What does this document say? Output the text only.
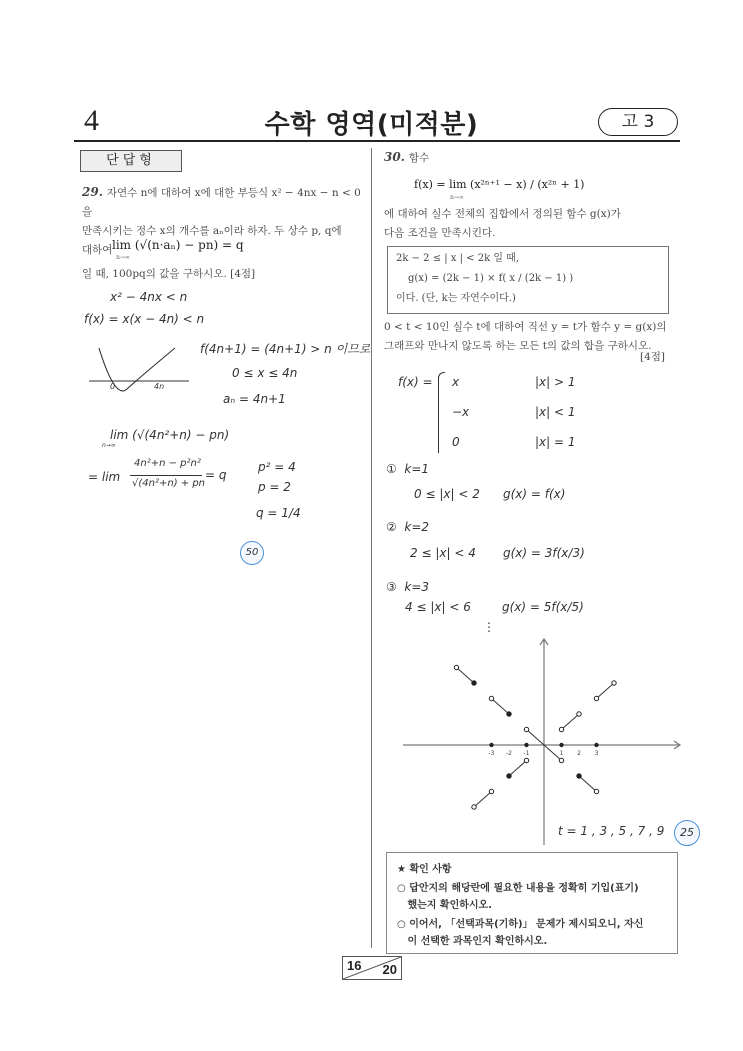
4	수학 영역(미적분)	고 3
단답형
29. 자연수 n에 대하여 x에 대한 부등식 x² − 4nx − n < 0을
만족시키는 정수 x의 개수를 aₙ이라 하자. 두 상수 p, q에
대하여 lim (√(n·aₙ) − pn) = q
n→∞
일 때, 100pq의 값을 구하시오. [4점]
x² − 4nx < n
f(x) = x(x − 4n) < n
f(4n+1) = (4n+1) > n 이므로
0 ≤ x ≤ 4n
aₙ = 4n+1
0	4n
lim (√(4n²+n) − pn)
n→∞
= lim
4n²+n − p²n²
√(4n²+n) + pn
= q
p² = 4
p = 2
q = 1/4
50
30. 함수
f(x) = lim (x²ⁿ⁺¹ − x) / (x²ⁿ + 1)
n→∞
에 대하여 실수 전체의 집합에서 정의된 함수 g(x)가
다음 조건을 만족시킨다.
2k − 2 ≤ | x | < 2k 일 때,
g(x) = (2k − 1) × f( x / (2k − 1) )
이다. (단, k는 자연수이다.)
0 < t < 10인 실수 t에 대하여 직선 y = t가 함수 y = g(x)의
그래프와 만나지 않도록 하는 모든 t의 값의 합을 구하시오.
[4점]
f(x) = x	|x| > 1
−x	|x| < 1
0	|x| = 1
① k=1
0 ≤ |x| < 2 g(x) = f(x)
② k=2
2 ≤ |x| < 4 g(x) = 3f(x/3)
③ k=3
4 ≤ |x| < 6	g(x) = 5f(x/5)
⋮
-3 -2 -1	1 2 3
t = 1 , 3 , 5 , 7 , 9	25
★ 확인 사항
○ 답안지의 해당란에 필요한 내용을 정확히 기입(표기)
했는지 확인하시오.
○ 이어서, 「선택과목(기하)」 문제가 제시되오니, 자신
이 선택한 과목인지 확인하시오.
16 20
